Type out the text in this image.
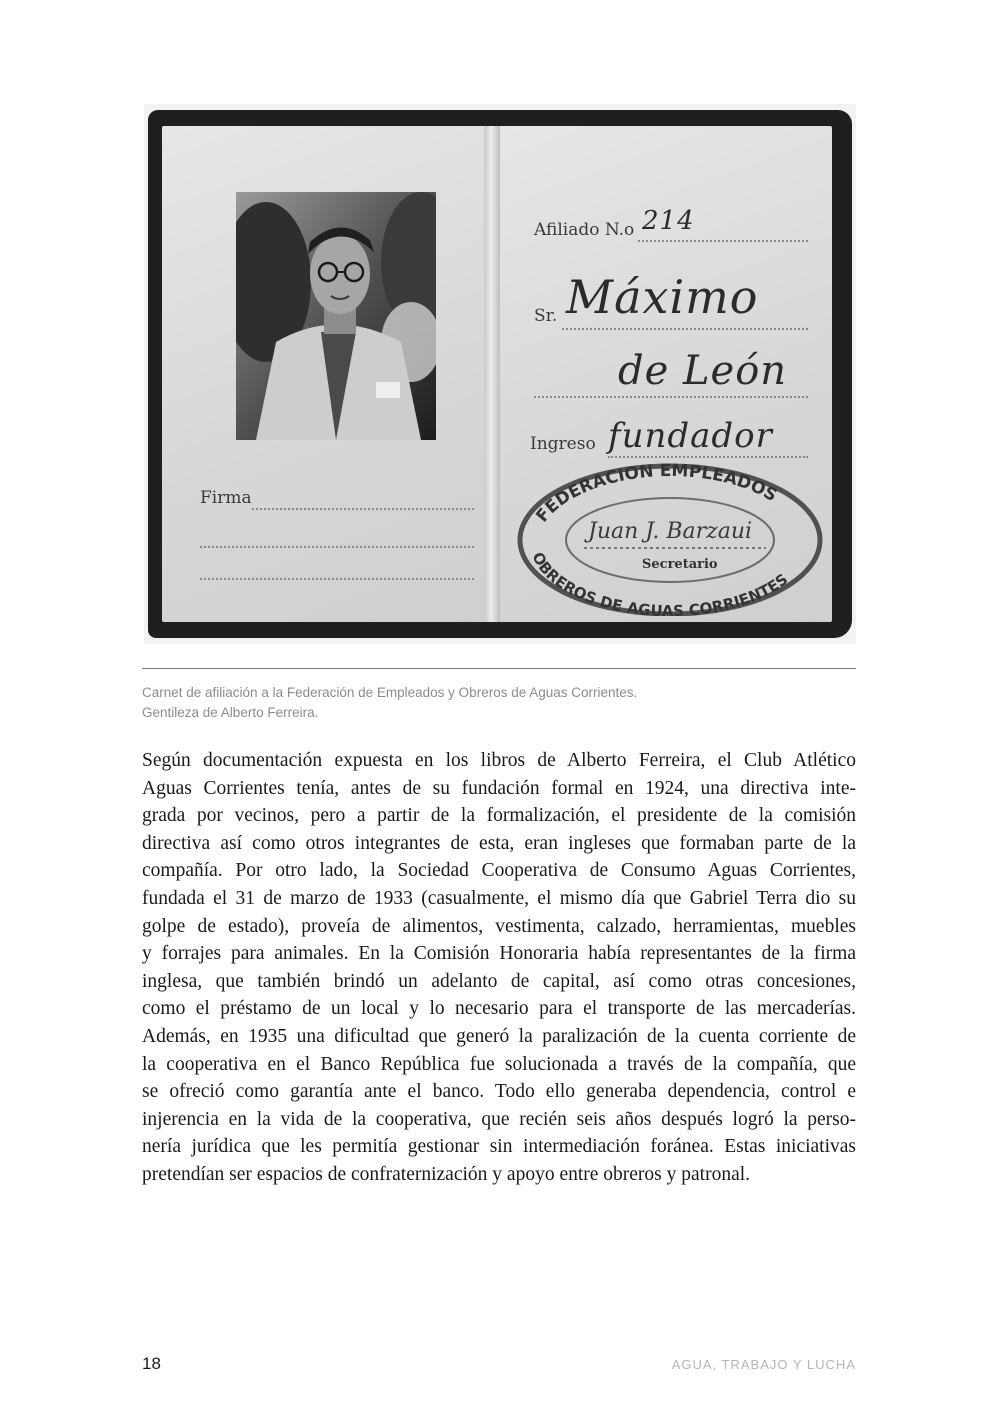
Firma
Afiliado N.o 214
Sr. Máximo
de León
Ingreso fundador
FEDERACION EMPLEADOS
OBREROS DE AGUAS CORRIENTES
Juan J. Barzaui
Secretario
Carnet de afiliación a la Federación de Empleados y Obreros de Aguas Corrientes.
Gentileza de Alberto Ferreira.
Según documentación expuesta en los libros de Alberto Ferreira, el Club Atlético
Aguas Corrientes tenía, antes de su fundación formal en 1924, una directiva inte-
grada por vecinos, pero a partir de la formalización, el presidente de la comisión
directiva así como otros integrantes de esta, eran ingleses que formaban parte de la
compañía. Por otro lado, la Sociedad Cooperativa de Consumo Aguas Corrientes,
fundada el 31 de marzo de 1933 (casualmente, el mismo día que Gabriel Terra dio su
golpe de estado), proveía de alimentos, vestimenta, calzado, herramientas, muebles
y forrajes para animales. En la Comisión Honoraria había representantes de la firma
inglesa, que también brindó un adelanto de capital, así como otras concesiones,
como el préstamo de un local y lo necesario para el transporte de las mercaderías.
Además, en 1935 una dificultad que generó la paralización de la cuenta corriente de
la cooperativa en el Banco República fue solucionada a través de la compañía, que
se ofreció como garantía ante el banco. Todo ello generaba dependencia, control e
injerencia en la vida de la cooperativa, que recién seis años después logró la perso-
nería jurídica que les permitía gestionar sin intermediación foránea. Estas iniciativas
pretendían ser espacios de confraternización y apoyo entre obreros y patronal.
18	AGUA, TRABAJO Y LUCHA
